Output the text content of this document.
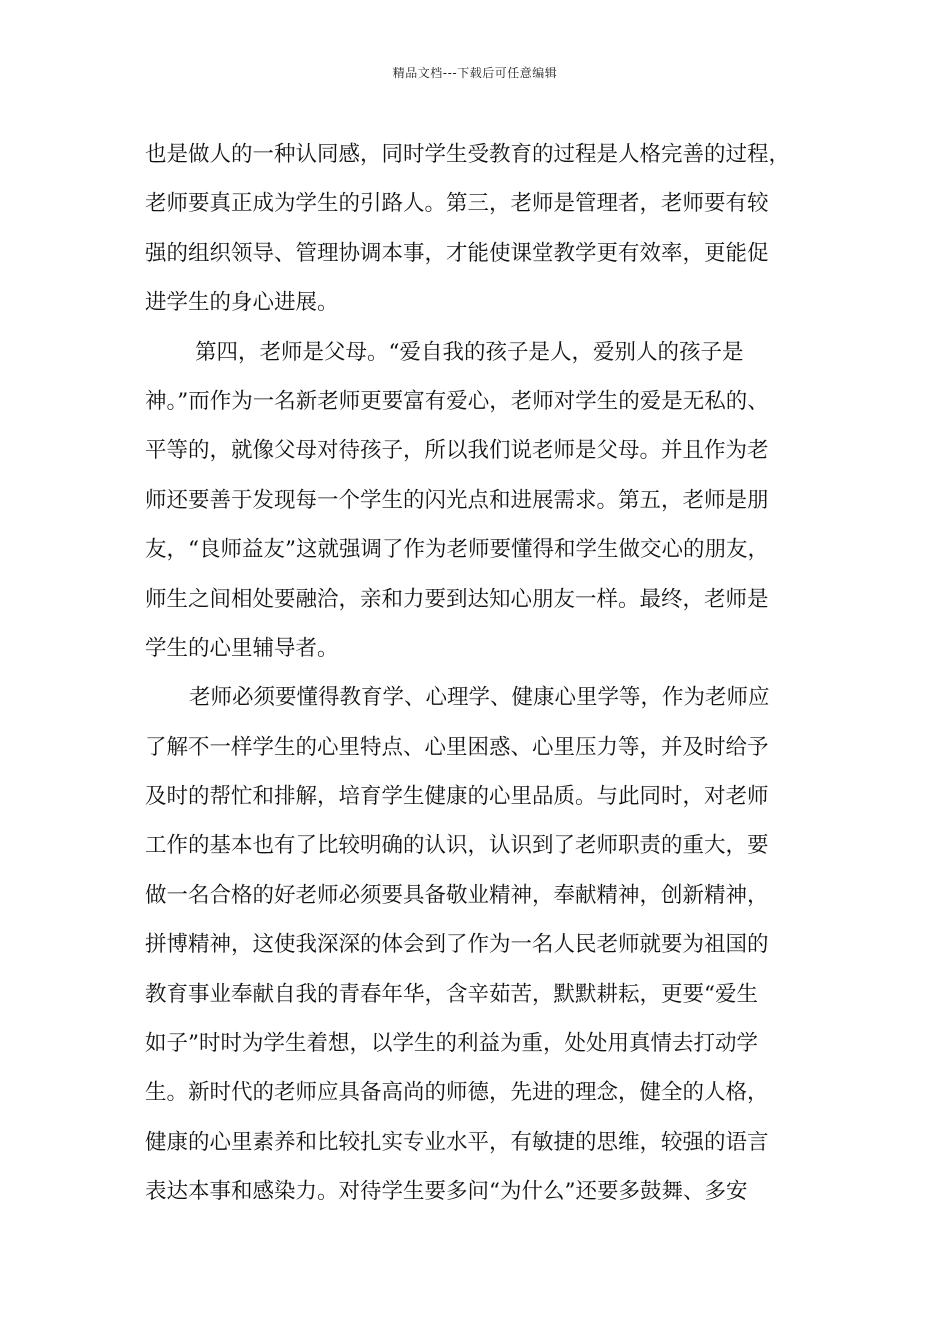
精品文档---下载后可任意编辑
也是做人的一种认同感，同时学生受教育的过程是人格完善的过程，
老师要真正成为学生的引路人。第三，老师是管理者，老师要有较
强的组织领导、管理协调本事，才能使课堂教学更有效率，更能促
进学生的身心进展。
第四，老师是父母。“爱自我的孩子是人，爱别人的孩子是
神。”而作为一名新老师更要富有爱心，老师对学生的爱是无私的、
平等的，就像父母对待孩子，所以我们说老师是父母。并且作为老
师还要善于发现每一个学生的闪光点和进展需求。第五，老师是朋
友，“良师益友”这就强调了作为老师要懂得和学生做交心的朋友，
师生之间相处要融洽，亲和力要到达知心朋友一样。最终，老师是
学生的心里辅导者。
老师必须要懂得教育学、心理学、健康心里学等，作为老师应
了解不一样学生的心里特点、心里困惑、心里压力等，并及时给予
及时的帮忙和排解，培育学生健康的心里品质。与此同时，对老师
工作的基本也有了比较明确的认识，认识到了老师职责的重大，要
做一名合格的好老师必须要具备敬业精神，奉献精神，创新精神，
拼博精神，这使我深深的体会到了作为一名人民老师就要为祖国的
教育事业奉献自我的青春年华，含辛茹苦，默默耕耘，更要“爱生
如子”时时为学生着想，以学生的利益为重，处处用真情去打动学
生。新时代的老师应具备高尚的师德，先进的理念，健全的人格，
健康的心里素养和比较扎实专业水平，有敏捷的思维，较强的语言
表达本事和感染力。对待学生要多问“为什么”还要多鼓舞、多安
